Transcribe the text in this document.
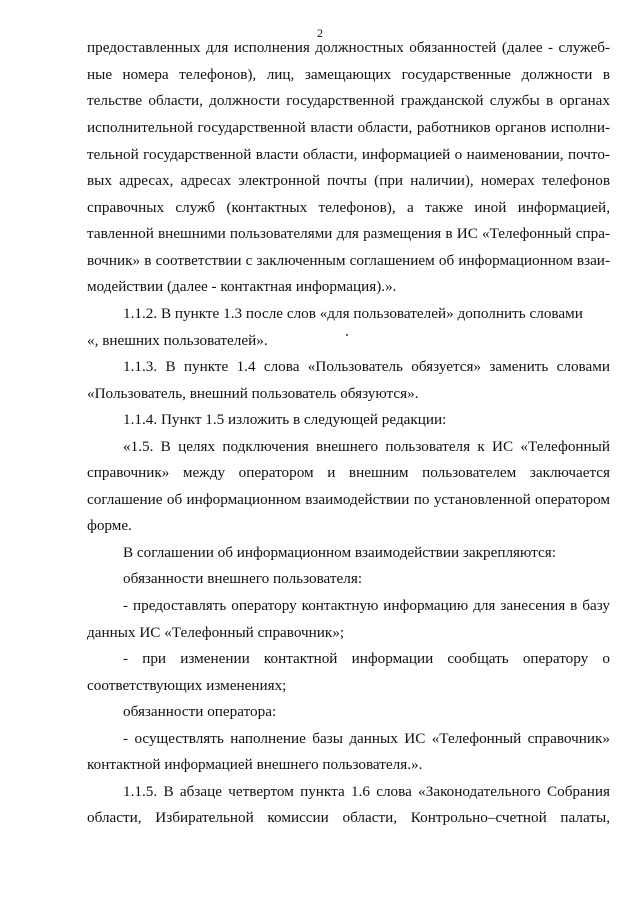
2
предоставленных для исполнения должностных обязанностей (далее - служеб-
ные номера телефонов), лиц, замещающих государственные должности в
тельстве области, должности государственной гражданской службы в органах
исполнительной государственной власти области, работников органов исполни-
тельной государственной власти области, информацией о наименовании, почто-
вых адресах, адресах электронной почты (при наличии), номерах телефонов
справочных служб (контактных телефонов), а также иной информацией,
тавленной внешними пользователями для размещения в ИС «Телефонный спра-
вочник» в соответствии с заключенным соглашением об информационном взаи-
модействии (далее - контактная информация).».
1.1.2. В пункте 1.3 после слов «для пользователей» дополнить словами
«, внешних пользователей».
1.1.3. В пункте 1.4 слова «Пользователь обязуется» заменить словами
«Пользователь, внешний пользователь обязуются».
1.1.4. Пункт 1.5 изложить в следующей редакции:
«1.5. В целях подключения внешнего пользователя к ИС «Телефонный
справочник» между оператором и внешним пользователем заключается
соглашение об информационном взаимодействии по установленной оператором
форме.
В соглашении об информационном взаимодействии закрепляются:
обязанности внешнего пользователя:
- предоставлять оператору контактную информацию для занесения в базу
данных ИС «Телефонный справочник»;
- при изменении контактной информации сообщать оператору о
соответствующих изменениях;
обязанности оператора:
- осуществлять наполнение базы данных ИС «Телефонный справочник»
контактной информацией внешнего пользователя.».
1.1.5. В абзаце четвертом пункта 1.6 слова «Законодательного Собрания
области, Избирательной комиссии области, Контрольно–счетной палаты,
